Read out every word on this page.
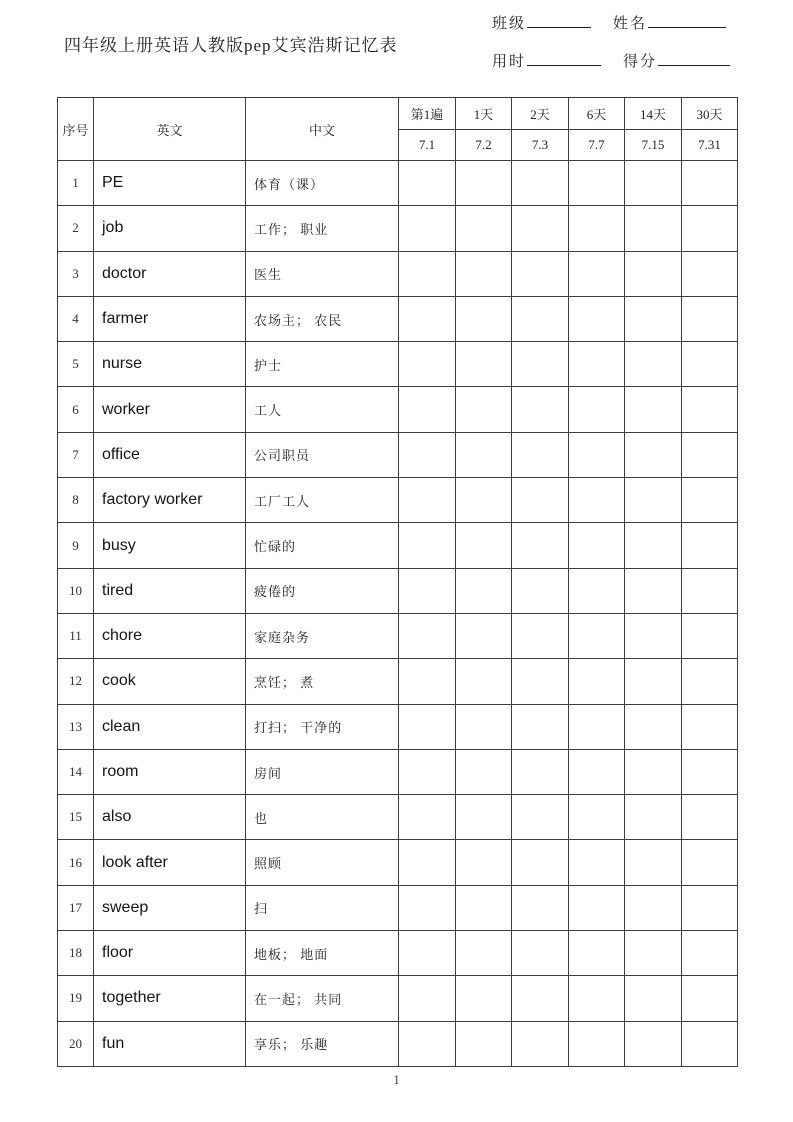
四年级上册英语人教版pep艾宾浩斯记忆表
班级	姓名
用时	得分
序号	英文	中文	第1遍	1天	2天	6天	14天	30天
			7.1	7.2	7.3	7.7	7.15	7.31
1	PE	体育（课）						
2	job	工作； 职业						
3	doctor	医生						
4	farmer	农场主； 农民						
5	nurse	护士						
6	worker	工人						
7	office	公司职员						
8	factory worker	工厂工人						
9	busy	忙碌的						
10	tired	疲倦的						
11	chore	家庭杂务						
12	cook	烹饪； 煮						
13	clean	打扫； 干净的						
14	room	房间						
15	also	也						
16	look after	照顾						
17	sweep	扫						
18	floor	地板； 地面						
19	together	在一起； 共同						
20	fun	享乐； 乐趣						
1
